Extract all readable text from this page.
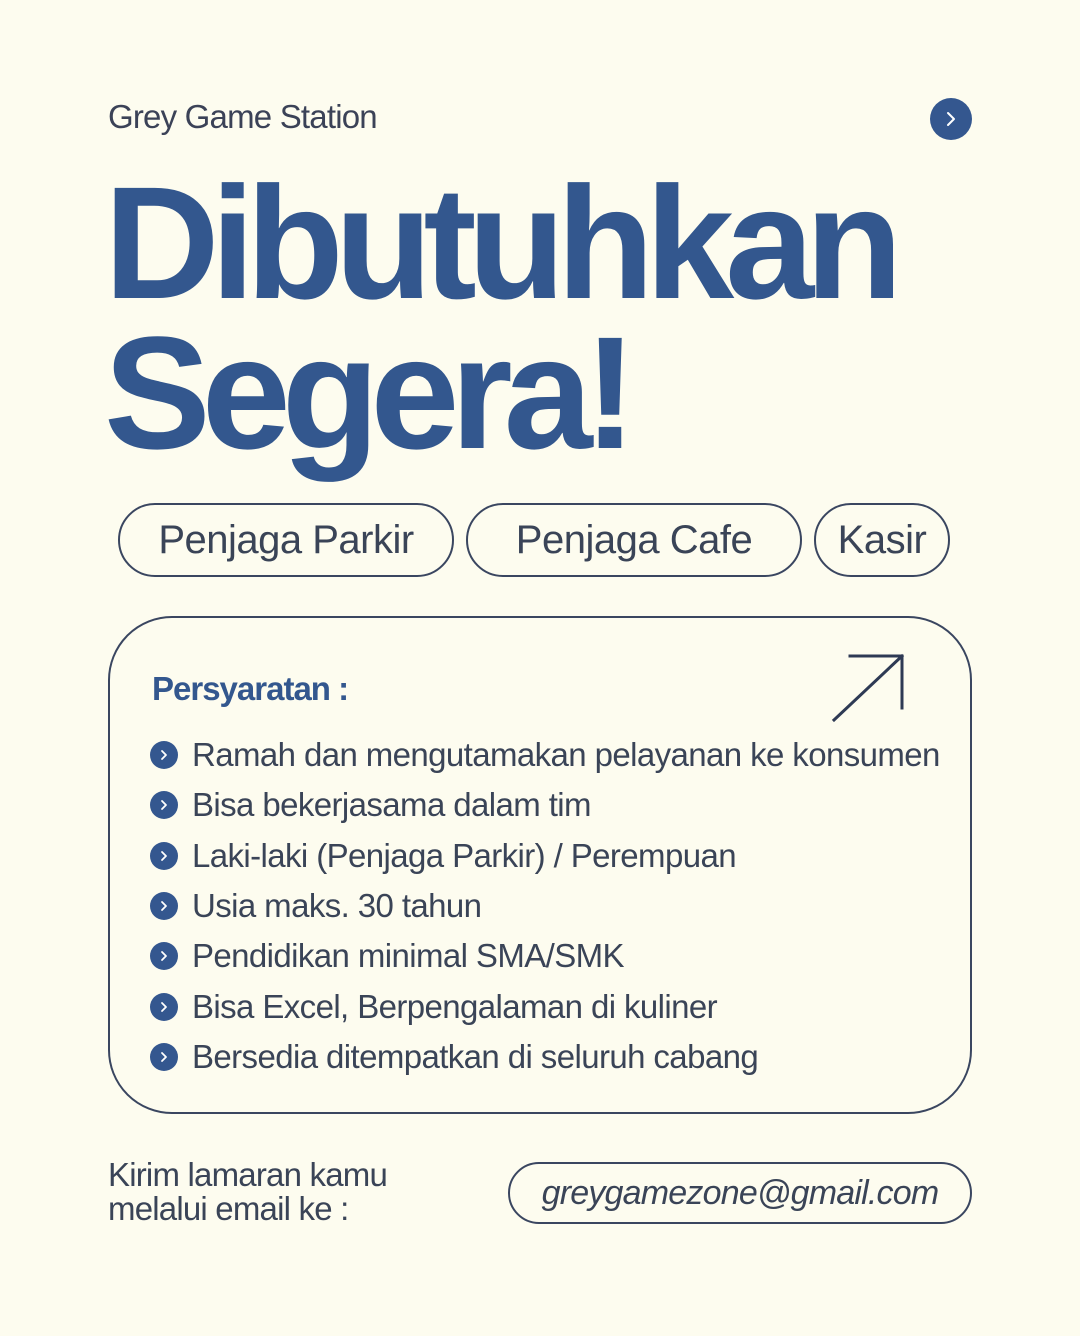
Grey Game Station
Dibutuhkan
Segera!
Penjaga Parkir	Penjaga Cafe	Kasir
Persyaratan :
Ramah dan mengutamakan pelayanan ke konsumen
Bisa bekerjasama dalam tim
Laki-laki (Penjaga Parkir) / Perempuan
Usia maks. 30 tahun
Pendidikan minimal SMA/SMK
Bisa Excel, Berpengalaman di kuliner
Bersedia ditempatkan di seluruh cabang
Kirim lamaran kamu
melalui email ke :	greygamezone@gmail.com
